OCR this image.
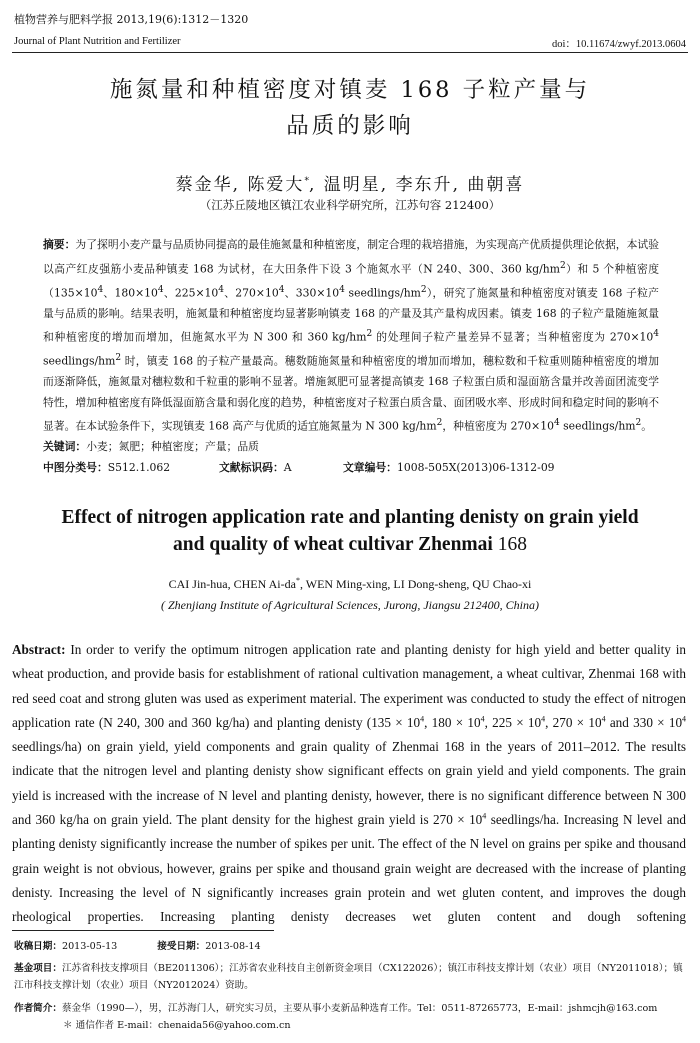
植物营养与肥料学报 2013,19(6):1312－1320
Journal of Plant Nutrition and Fertilizer	doi：10.11674/zwyf.2013.0604
施氮量和种植密度对镇麦 168 子粒产量与
品质的影响
蔡金华, 陈爱大*, 温明星, 李东升, 曲朝喜
（江苏丘陵地区镇江农业科学研究所，江苏句容 212400）
摘要：为了探明小麦产量与品质协同提高的最佳施氮量和种植密度，制定合理的栽培措施，为实现高产优质提供理论依据，本试验以高产红皮强筋小麦品种镇麦 168 为试材，在大田条件下设 3 个施氮水平（N 240、300、360 $kg/hm^2$）和 5 个种植密度（$135\times 10^4$、$180\times 10^4$、$225\times 10^4$、$270\times 10^4$、$330\times 10^4$ seedlings/$hm^2$），研究了施氮量和种植密度对镇麦 168 子粒产量与品质的影响。结果表明，施氮量和种植密度均显著影响镇麦 168 的产量及其产量构成因素。镇麦 168 的子粒产量随施氮量和种植密度的增加而增加，但施氮水平为 N 300 和 360 $kg/hm^2$ 的处理间子粒产量差异不显著；当种植密度为 $270\times 10^4$ seedlings/$hm^2$ 时，镇麦 168 的子粒产量最高。穗数随施氮量和种植密度的增加而增加，穗粒数和千粒重则随种植密度的增加而逐渐降低，施氮量对穗粒数和千粒重的影响不显著。增施氮肥可显著提高镇麦 168 子粒蛋白质和湿面筋含量并改善面团流变学特性，增加种植密度有降低湿面筋含量和弱化度的趋势，种植密度对子粒蛋白质含量、面团吸水率、形成时间和稳定时间的影响不显著。在本试验条件下，实现镇麦 168 高产与优质的适宜施氮量为 N 300 $kg/hm^2$，种植密度为 $270\times 10^4$ seedlings/$hm^2$。
关键词：小麦；氮肥；种植密度；产量；品质
中图分类号：S512.1.062	文献标识码：A	文章编号：1008-505X(2013)06-1312-09
Effect of nitrogen application rate and planting denisty on grain yield
and quality of wheat cultivar Zhenmai 168
CAI Jin-hua, CHEN Ai-da*, WEN Ming-xing, LI Dong-sheng, QU Chao-xi
( Zhenjiang Institute of Agricultural Sciences, Jurong, Jiangsu 212400, China)
Abstract: In order to verify the optimum nitrogen application rate and planting denisty for high yield and better quality in wheat production, and provide basis for establishment of rational cultivation management, a wheat cultivar, Zhenmai 168 with red seed coat and strong gluten was used as experiment material. The experiment was conducted to study the effect of nitrogen application rate (N 240, 300 and 360 kg/ha) and planting denisty ($135 \times 10^4$, $180 \times 10^4$, $225 \times 10^4$, $270 \times 10^4$ and $330 \times 10^4$ seedlings/ha) on grain yield, yield components and grain quality of Zhenmai 168 in the years of 2011–2012. The results indicate that the nitrogen level and planting denisty show significant effects on grain yield and yield components. The grain yield is increased with the increase of N level and planting denisty, however, there is no significant difference between N 300 and 360 kg/ha on grain yield. The plant density for the highest grain yield is $270 \times 10^4$ seedlings/ha. Increasing N level and planting denisty significantly increase the number of spikes per unit. The effect of the N level on grains per spike and thousand grain weight is not obvious, however, grains per spike and thousand grain weight are decreased with the increase of planting denisty. Increasing the level of N significantly increases grain protein and wet gluten content, and improves the dough rheological properties. Increasing planting denisty decreases wet gluten content and dough softening
收稿日期：2013-05-13	接受日期：2013-08-14
基金项目：江苏省科技支撑项目（BE2011306）；江苏省农业科技自主创新资金项目（CX122026）；镇江市科技支撑计划（农业）项目（NY2011018）；镇江市科技支撑计划（农业）项目（NY2012024）资助。
作者简介：蔡金华（1990—），男，江苏海门人，研究实习员，主要从事小麦新品种选育工作。Tel：0511-87265773，E-mail：jshmcjh@163.com
＊ 通信作者 E-mail：chenaida56@yahoo.com.cn
